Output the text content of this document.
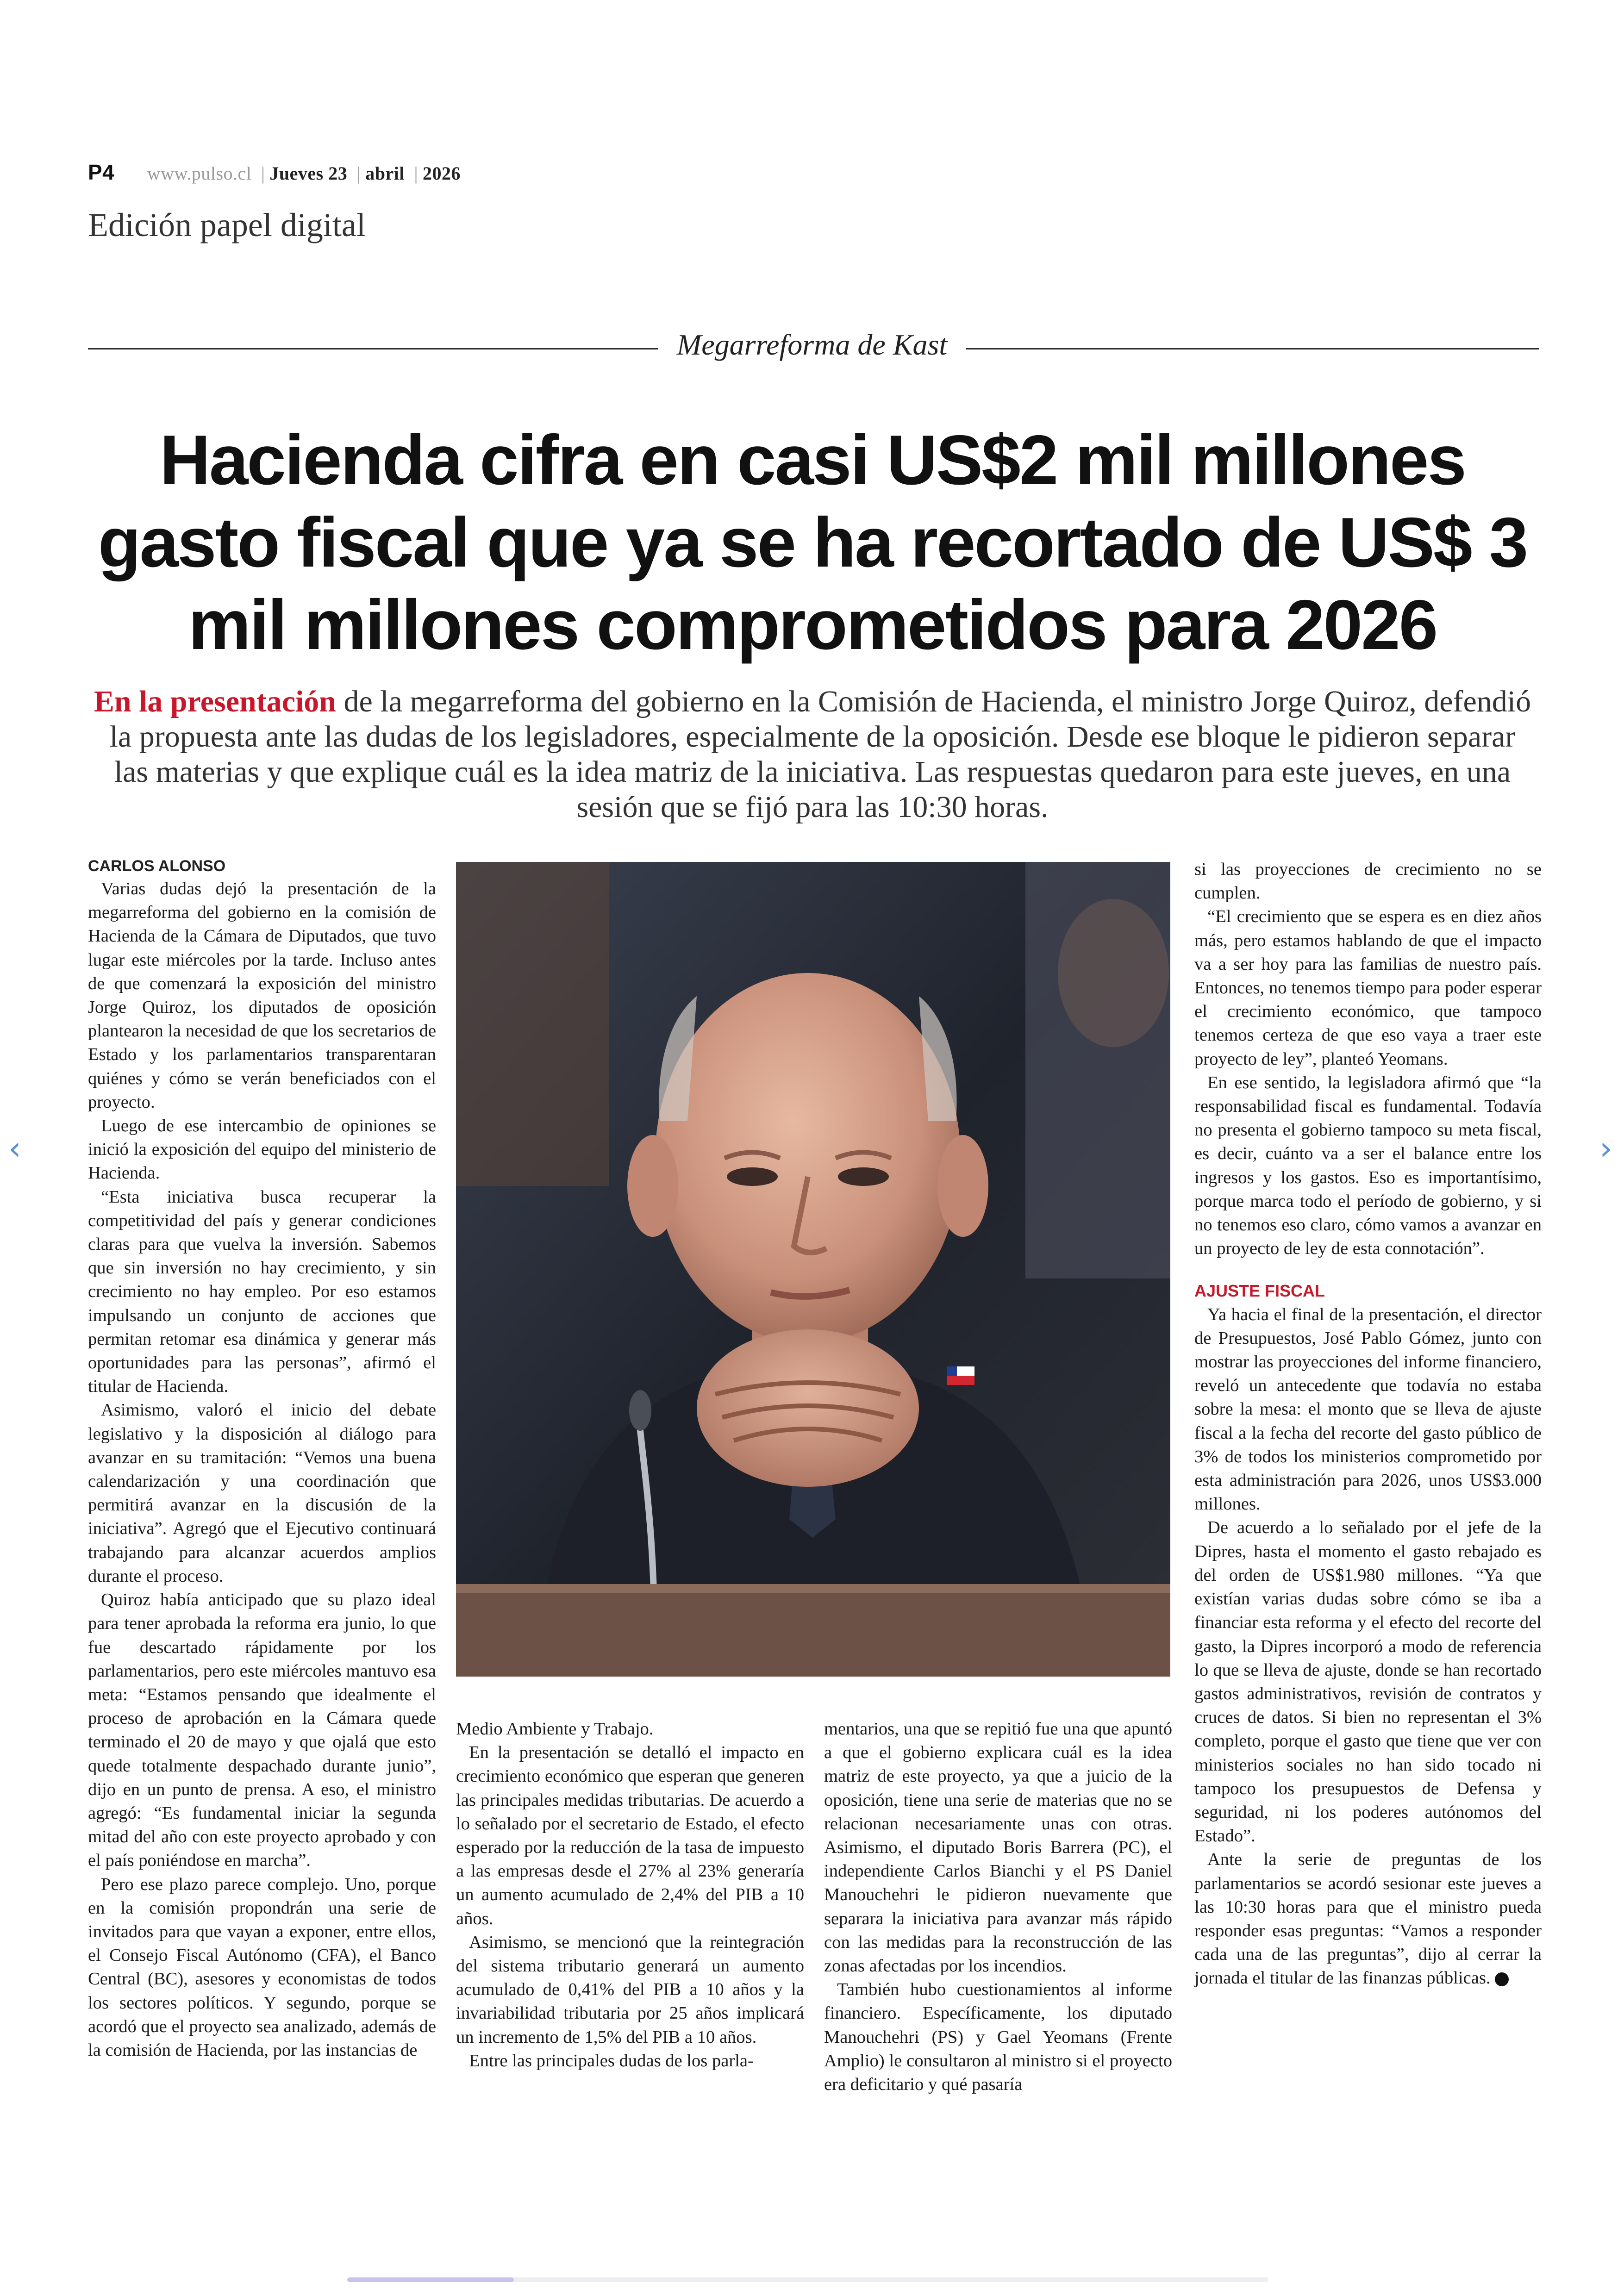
P4 www.pulso.cl | Jueves 23 | abril | 2026
Edición papel digital
Megarreforma de Kast
Hacienda cifra en casi US$2 mil millones gasto fiscal que ya se ha recortado de US$ 3 mil millones comprometidos para 2026
En la presentación de la megarreforma del gobierno en la Comisión de Hacienda, el ministro Jorge Quiroz, defendió la propuesta ante las dudas de los legisladores, especialmente de la oposición. Desde ese bloque le pidieron separar las materias y que explique cuál es la idea matriz de la iniciativa. Las respuestas quedaron para este jueves, en una sesión que se fijó para las 10:30 horas.
CARLOS ALONSO

Varias dudas dejó la presentación de la megarreforma del gobierno en la comisión de Hacienda de la Cámara de Diputados, que tuvo lugar este miércoles por la tarde. Incluso antes de que comenzará la exposición del ministro Jorge Quiroz, los diputados de oposición plantearon la necesidad de que los secretarios de Estado y los parlamentarios transparentaran quiénes y cómo se verán beneficiados con el proyecto.

Luego de ese intercambio de opiniones se inició la exposición del equipo del ministerio de Hacienda.

“Esta iniciativa busca recuperar la competitividad del país y generar condiciones claras para que vuelva la inversión. Sabemos que sin inversión no hay crecimiento, y sin crecimiento no hay empleo. Por eso estamos impulsando un conjunto de acciones que permitan retomar esa dinámica y generar más oportunidades para las personas”, afirmó el titular de Hacienda.

Asimismo, valoró el inicio del debate legislativo y la disposición al diálogo para avanzar en su tramitación: “Vemos una buena calendarización y una coordinación que permitirá avanzar en la discusión de la iniciativa”. Agregó que el Ejecutivo continuará trabajando para alcanzar acuerdos amplios durante el proceso.

Quiroz había anticipado que su plazo ideal para tener aprobada la reforma era junio, lo que fue descartado rápidamente por los parlamentarios, pero este miércoles mantuvo esa meta: “Estamos pensando que idealmente el proceso de aprobación en la Cámara quede terminado el 20 de mayo y que ojalá que esto quede totalmente despachado durante junio”, dijo en un punto de prensa. A eso, el ministro agregó: “Es fundamental iniciar la segunda mitad del año con este proyecto aprobado y con el país poniéndose en marcha”.

Pero ese plazo parece complejo. Uno, porque en la comisión propondrán una serie de invitados para que vayan a exponer, entre ellos, el Consejo Fiscal Autónomo (CFA), el Banco Central (BC), asesores y economistas de todos los sectores políticos. Y segundo, porque se acordó que el proyecto sea analizado, además de la comisión de Hacienda, por las instancias de

Medio Ambiente y Trabajo.

En la presentación se detalló el impacto en crecimiento económico que esperan que generen las principales medidas tributarias. De acuerdo a lo señalado por el secretario de Estado, el efecto esperado por la reducción de la tasa de impuesto a las empresas desde el 27% al 23% generaría un aumento acumulado de 2,4% del PIB a 10 años.

Asimismo, se mencionó que la reintegración del sistema tributario generará un aumento acumulado de 0,41% del PIB a 10 años y la invariabilidad tributaria por 25 años implicará un incremento de 1,5% del PIB a 10 años.

Entre las principales dudas de los parla-

mentarios, una que se repitió fue una que apuntó a que el gobierno explicara cuál es la idea matriz de este proyecto, ya que a juicio de la oposición, tiene una serie de materias que no se relacionan necesariamente unas con otras. Asimismo, el diputado Boris Barrera (PC), el independiente Carlos Bianchi y el PS Daniel Manouchehri le pidieron nuevamente que separara la iniciativa para avanzar más rápido con las medidas para la reconstrucción de las zonas afectadas por los incendios.

También hubo cuestionamientos al informe financiero. Específicamente, los diputado Manouchehri (PS) y Gael Yeomans (Frente Amplio) le consultaron al ministro si el proyecto era deficitario y qué pasaría

si las proyecciones de crecimiento no se cumplen.

“El crecimiento que se espera es en diez años más, pero estamos hablando de que el impacto va a ser hoy para las familias de nuestro país. Entonces, no tenemos tiempo para poder esperar el crecimiento económico, que tampoco tenemos certeza de que eso vaya a traer este proyecto de ley”, planteó Yeomans.

En ese sentido, la legisladora afirmó que “la responsabilidad fiscal es fundamental. Todavía no presenta el gobierno tampoco su meta fiscal, es decir, cuánto va a ser el balance entre los ingresos y los gastos. Eso es importantísimo, porque marca todo el período de gobierno, y si no tenemos eso claro, cómo vamos a avanzar en un proyecto de ley de esta connotación”.

AJUSTE FISCAL

Ya hacia el final de la presentación, el director de Presupuestos, José Pablo Gómez, junto con mostrar las proyecciones del informe financiero, reveló un antecedente que todavía no estaba sobre la mesa: el monto que se lleva de ajuste fiscal a la fecha del recorte del gasto público de 3% de todos los ministerios comprometido por esta administración para 2026, unos US$3.000 millones.

De acuerdo a lo señalado por el jefe de la Dipres, hasta el momento el gasto rebajado es del orden de US$1.980 millones. “Ya que existían varias dudas sobre cómo se iba a financiar esta reforma y el efecto del recorte del gasto, la Dipres incorporó a modo de referencia lo que se lleva de ajuste, donde se han recortado gastos administrativos, revisión de contratos y cruces de datos. Si bien no representan el 3% completo, porque el gasto que tiene que ver con ministerios sociales no han sido tocado ni tampoco los presupuestos de Defensa y seguridad, ni los poderes autónomos del Estado”.

Ante la serie de preguntas de los parlamentarios se acordó sesionar este jueves a las 10:30 horas para que el ministro pueda responder esas preguntas: “Vamos a responder cada una de las preguntas”, dijo al cerrar la jornada el titular de las finanzas públicas. P

‹	›
